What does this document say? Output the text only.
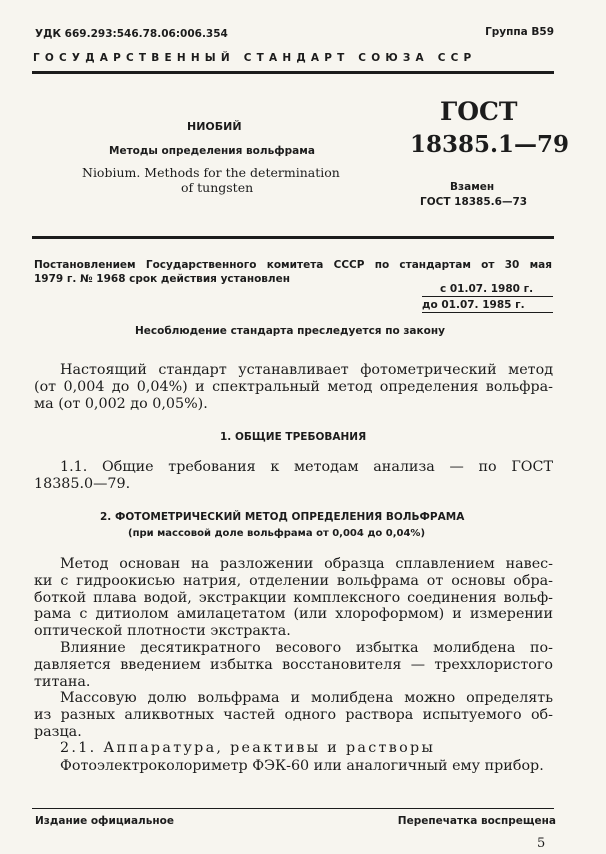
УДК 669.293:546.78.06:006.354	Группа В59
ГОСУДАРСТВЕННЫЙ СТАНДАРТ СОЮЗА ССР
НИОБИЙ
Методы определения вольфрама
Niobium. Methods for the determination
of tungsten
ГОСТ
18385.1—79
Взамен
ГОСТ 18385.6—73
Постановлением Государственного комитета СССР по стандартам от 30 мая
1979 г. № 1968 срок действия установлен
с 01.07. 1980 г.
до 01.07. 1985 г.
Несоблюдение стандарта преследуется по закону
Настоящий стандарт устанавливает фотометрический метод
(от 0,004 до 0,04%) и спектральный метод определения вольфра-
ма (от 0,002 до 0,05%).
1. ОБЩИЕ ТРЕБОВАНИЯ
1.1. Общие требования к методам анализа — по ГОСТ
18385.0—79.
2. ФОТОМЕТРИЧЕСКИЙ МЕТОД ОПРЕДЕЛЕНИЯ ВОЛЬФРАМА
(при массовой доле вольфрама от 0,004 до 0,04%)
Метод основан на разложении образца сплавлением навес-
ки с гидроокисью натрия, отделении вольфрама от основы обра-
боткой плава водой, экстракции комплексного соединения вольф-
рама с дитиолом амилацетатом (или хлороформом) и измерении
оптической плотности экстракта.
Влияние десятикратного весового избытка молибдена по-
давляется введением избытка восстановителя — треххлористого
титана.
Массовую долю вольфрама и молибдена можно определять
из разных аликвотных частей одного раствора испытуемого об-
разца.
2.1. Аппаратура, реактивы и растворы
Фотоэлектроколориметр ФЭК-60 или аналогичный ему прибор.
Издание официальное	Перепечатка воспрещена
5
